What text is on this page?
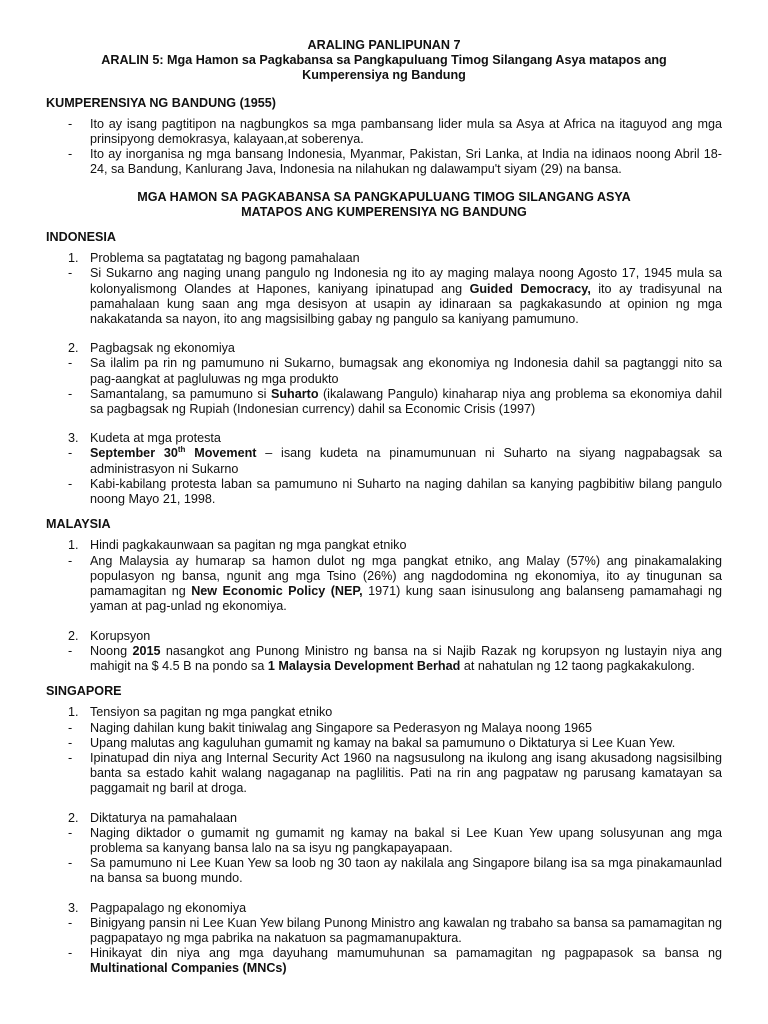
ARALING PANLIPUNAN 7
ARALIN 5: Mga Hamon sa Pagkabansa sa Pangkapuluang Timog Silangang Asya matapos ang Kumperensiya ng Bandung
KUMPERENSIYA NG BANDUNG (1955)
-	Ito ay isang pagtitipon na nagbungkos sa mga pambansang lider mula sa Asya at Africa na itaguyod ang mga prinsipyong demokrasya, kalayaan,at soberenya.
-	Ito ay inorganisa ng mga bansang Indonesia, Myanmar, Pakistan, Sri Lanka, at India na idinaos noong Abril 18-24, sa Bandung, Kanlurang Java, Indonesia na nilahukan ng dalawampu't siyam (29) na bansa.
MGA HAMON SA PAGKABANSA SA PANGKAPULUANG TIMOG SILANGANG ASYA
MATAPOS ANG KUMPERENSIYA NG BANDUNG
INDONESIA
1. Problema sa pagtatatag ng bagong pamahalaan
-	Si Sukarno ang naging unang pangulo ng Indonesia ng ito ay maging malaya noong Agosto 17, 1945 mula sa kolonyalismong Olandes at Hapones, kaniyang ipinatupad ang Guided Democracy, ito ay tradisyunal na pamahalaan kung saan ang mga desisyon at usapin ay idinaraan sa pagkakasundo at opinion ng mga nakakatanda sa nayon, ito ang magsisilbing gabay ng pangulo sa kaniyang pamumuno.
2. Pagbagsak ng ekonomiya
-	Sa ilalim pa rin ng pamumuno ni Sukarno, bumagsak ang ekonomiya ng Indonesia dahil sa pagtanggi nito sa pag-aangkat at pagluluwas ng mga produkto
-	Samantalang, sa pamumuno si Suharto (ikalawang Pangulo) kinaharap niya ang problema sa ekonomiya dahil sa pagbagsak ng Rupiah (Indonesian currency) dahil sa Economic Crisis (1997)
3. Kudeta at mga protesta
-	September 30th Movement – isang kudeta na pinamumunuan ni Suharto na siyang nagpabagsak sa administrasyon ni Sukarno
-	Kabi-kabilang protesta laban sa pamumuno ni Suharto na naging dahilan sa kanying pagbibitiw bilang pangulo noong Mayo 21, 1998.
MALAYSIA
1. Hindi pagkakaunwaan sa pagitan ng mga pangkat etniko
-	Ang Malaysia ay humarap sa hamon dulot ng mga pangkat etniko, ang Malay (57%) ang pinakamalaking populasyon ng bansa, ngunit ang mga Tsino (26%) ang nagdodomina ng ekonomiya, ito ay tinugunan sa pamamagitan ng New Economic Policy (NEP, 1971) kung saan isinusulong ang balanseng pamamahagi ng yaman at pag-unlad ng ekonomiya.
2. Korupsyon
-	Noong 2015 nasangkot ang Punong Ministro ng bansa na si Najib Razak ng korupsyon ng lustayin niya ang mahigit na $ 4.5 B na pondo sa 1 Malaysia Development Berhad at nahatulan ng 12 taong pagkakakulong.
SINGAPORE
1. Tensiyon sa pagitan ng mga pangkat etniko
-	Naging dahilan kung bakit tiniwalag ang Singapore sa Pederasyon ng Malaya noong 1965
-	Upang malutas ang kaguluhan gumamit ng kamay na bakal sa pamumuno o Diktaturya si Lee Kuan Yew.
-	Ipinatupad din niya ang Internal Security Act 1960 na nagsusulong na ikulong ang isang akusadong nagsisilbing banta sa estado kahit walang nagaganap na paglilitis. Pati na rin ang pagpataw ng parusang kamatayan sa paggamait ng baril at droga.
2. Diktaturya na pamahalaan
-	Naging diktador o gumamit ng gumamit ng kamay na bakal si Lee Kuan Yew upang solusyunan ang mga problema sa kanyang bansa lalo na sa isyu ng pangkapayapaan.
-	Sa pamumuno ni Lee Kuan Yew sa loob ng 30 taon ay nakilala ang Singapore bilang isa sa mga pinakamaunlad na bansa sa buong mundo.
3. Pagpapalago ng ekonomiya
-	Binigyang pansin ni Lee Kuan Yew bilang Punong Ministro ang kawalan ng trabaho sa bansa sa pamamagitan ng pagpapatayo ng mga pabrika na nakatuon sa pagmamanupaktura.
-	Hinikayat din niya ang mga dayuhang mamumuhunan sa pamamagitan ng pagpapasok sa bansa ng Multinational Companies (MNCs)
